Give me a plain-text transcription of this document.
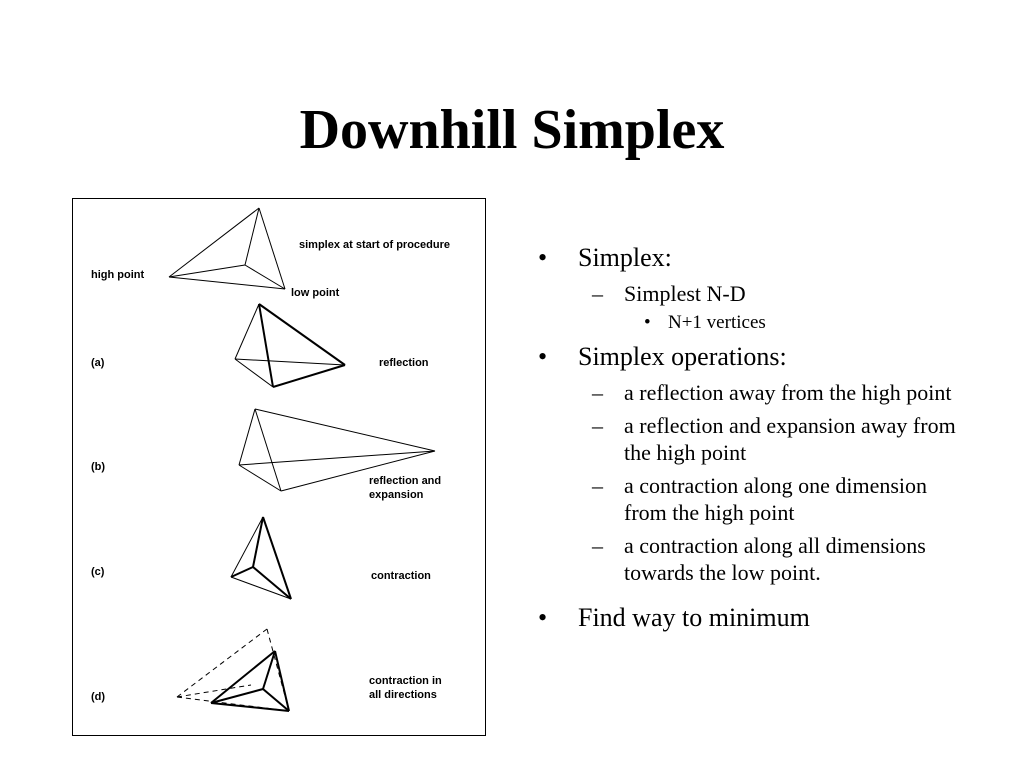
Downhill Simplex
simplex at start of procedure
high point
low point
(a)	reflection
(b)
reflection and
expansion
(c)	contraction
(d)
contraction in
all directions
• Simplex:
– Simplest N-D
• N+1 vertices
• Simplex operations:
– a reflection away from the high point
– a reflection and expansion away from the high point
– a contraction along one dimension from the high point
– a contraction along all dimensions towards the low point.
• Find way to minimum
